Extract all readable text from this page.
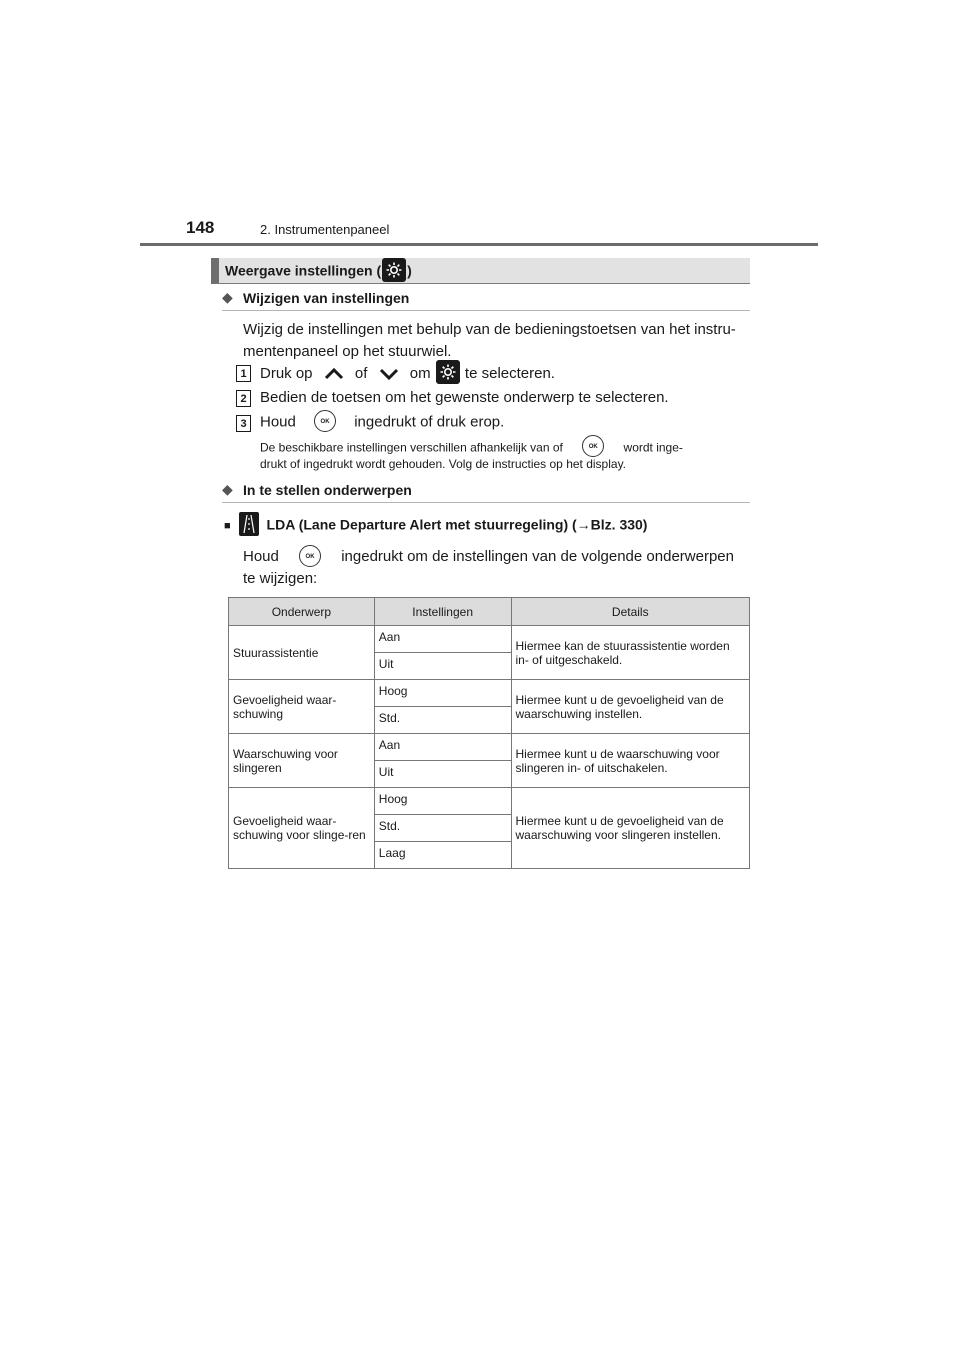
148	2. Instrumentenpaneel
Weergave instellingen ( )
◆ Wijzigen van instellingen
Wijzig de instellingen met behulp van de bedieningstoetsen van het instru-
mentenpaneel op het stuurwiel.
1 Druk op	of	om te selecteren.
2 Bedien de toetsen om het gewenste onderwerp te selecteren.
3 Houd	OK ingedrukt of druk erop.
De beschikbare instellingen verschillen afhankelijk van of	OK wordt inge-
drukt of ingedrukt wordt gehouden. Volg de instructies op het display.
◆ In te stellen onderwerpen
■	LDA (Lane Departure Alert met stuurregeling) (→Blz. 330)
Houd	OK ingedrukt om de instellingen van de volgende onderwerpen
te wijzigen:
Onderwerp	Instellingen	Details
Stuurassistentie	Aan	Hiermee kan de stuurassistentie worden in- of uitgeschakeld.
	Uit	
Gevoeligheid waar-schuwing	Hoog	Hiermee kunt u de gevoeligheid van de waarschuwing instellen.
	Std.	
Waarschuwing voor slingeren	Aan	Hiermee kunt u de waarschuwing voor slingeren in- of uitschakelen.
	Uit	
Gevoeligheid waar-schuwing voor slinge-ren	Hoog	Hiermee kunt u de gevoeligheid van de waarschuwing voor slingeren instellen.
	Std.	
	Laag	
